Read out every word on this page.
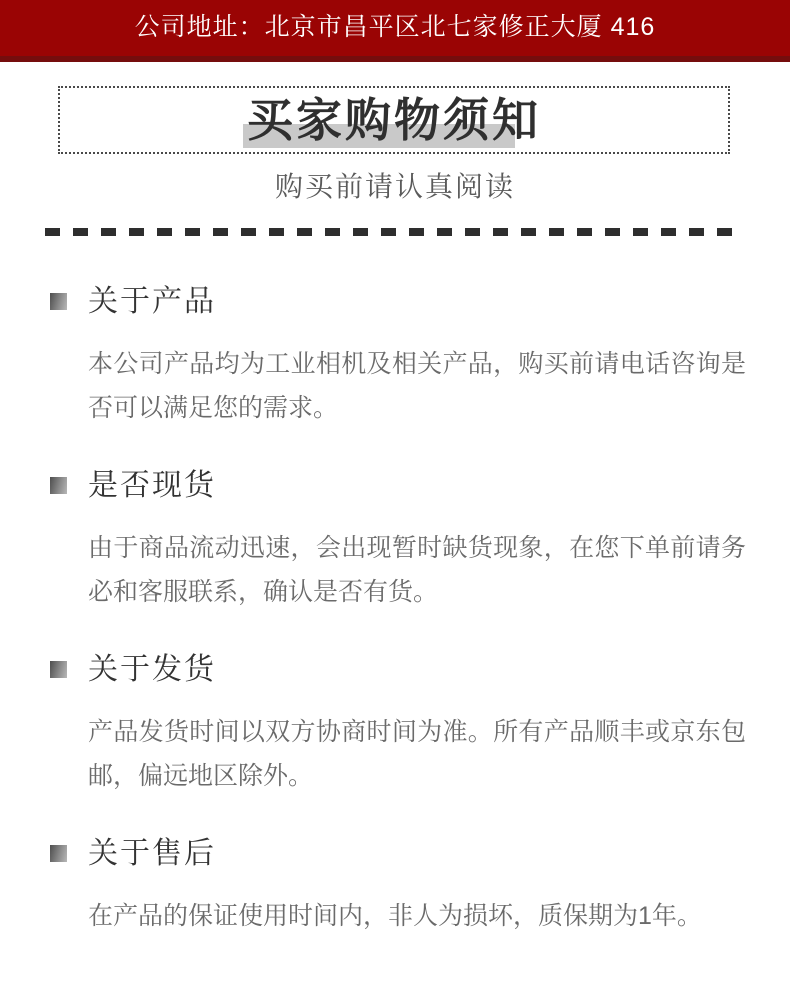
公司地址：北京市昌平区北七家修正大厦 416
买家购物须知
购买前请认真阅读
关于产品

本公司产品均为工业相机及相关产品，购买前请电话咨询是否可以满足您的需求。

是否现货

由于商品流动迅速，会出现暂时缺货现象，在您下单前请务必和客服联系，确认是否有货。

关于发货

产品发货时间以双方协商时间为准。所有产品顺丰或京东包邮，偏远地区除外。

关于售后

在产品的保证使用时间内，非人为损坏，质保期为1年。
